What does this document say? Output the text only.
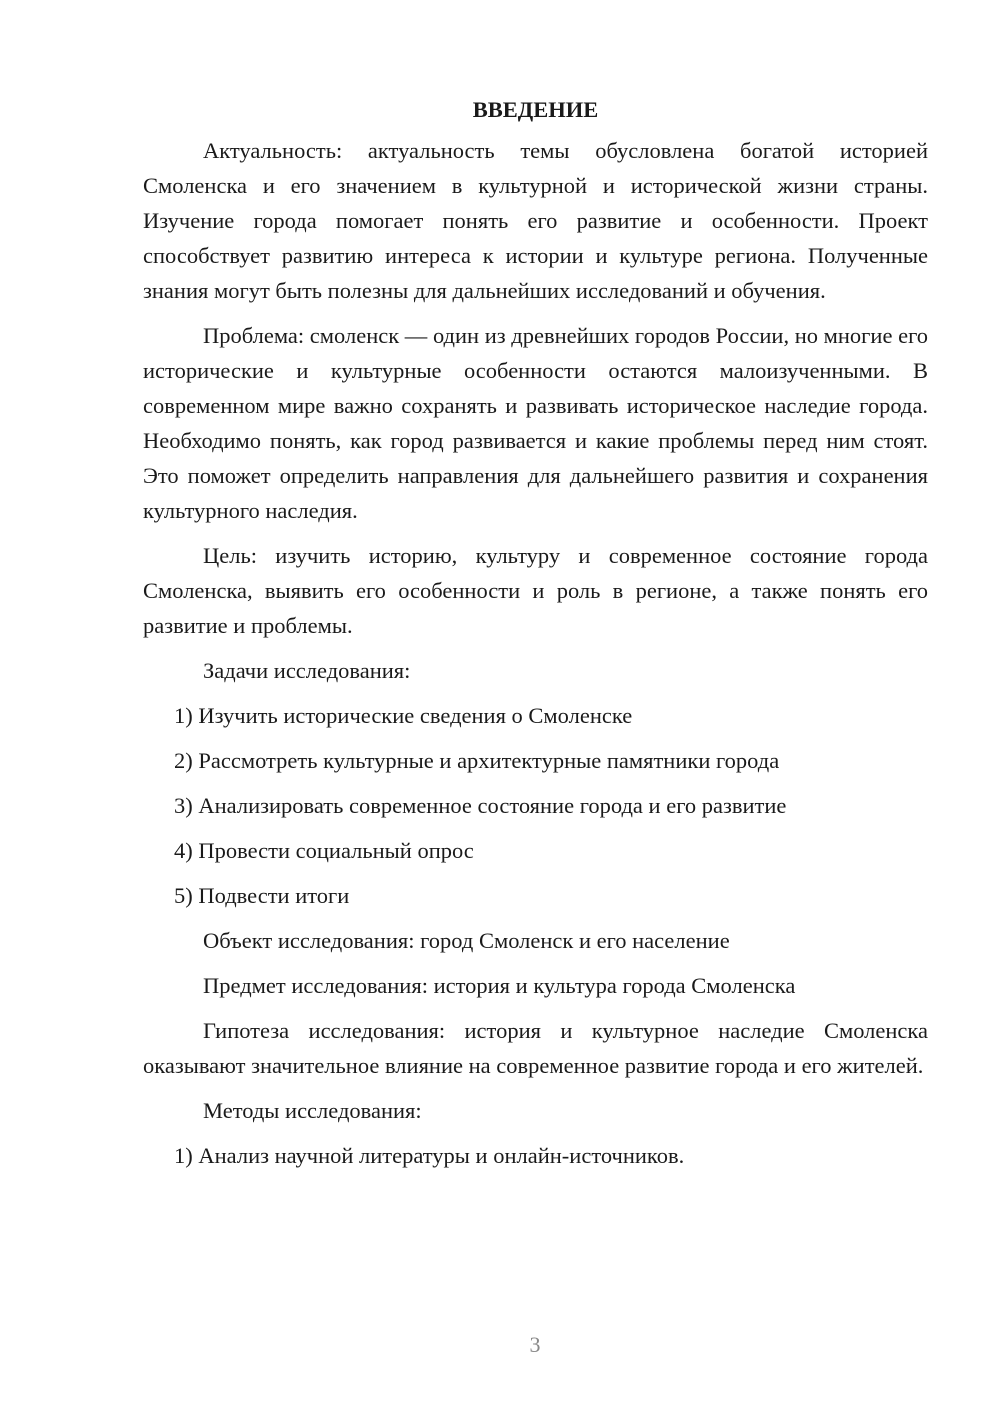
ВВЕДЕНИЕ

Актуальность: актуальность темы обусловлена богатой историей Смоленска и его значением в культурной и исторической жизни страны. Изучение города помогает понять его развитие и особенности. Проект способствует развитию интереса к истории и культуре региона. Полученные знания могут быть полезны для дальнейших исследований и обучения.

Проблема: смоленск — один из древнейших городов России, но многие его исторические и культурные особенности остаются малоизученными. В современном мире важно сохранять и развивать историческое наследие города. Необходимо понять, как город развивается и какие проблемы перед ним стоят. Это поможет определить направления для дальнейшего развития и сохранения культурного наследия.

Цель: изучить историю, культуру и современное состояние города Смоленска, выявить его особенности и роль в регионе, а также понять его развитие и проблемы.

Задачи исследования:
1) Изучить исторические сведения о Смоленске
2) Рассмотреть культурные и архитектурные памятники города
3) Анализировать современное состояние города и его развитие
4) Провести социальный опрос
5) Подвести итоги
Объект исследования: город Смоленск и его население
Предмет исследования: история и культура города Смоленска

Гипотеза исследования: история и культурное наследие Смоленска оказывают значительное влияние на современное развитие города и его жителей.

Методы исследования:
1) Анализ научной литературы и онлайн-источников.
3
